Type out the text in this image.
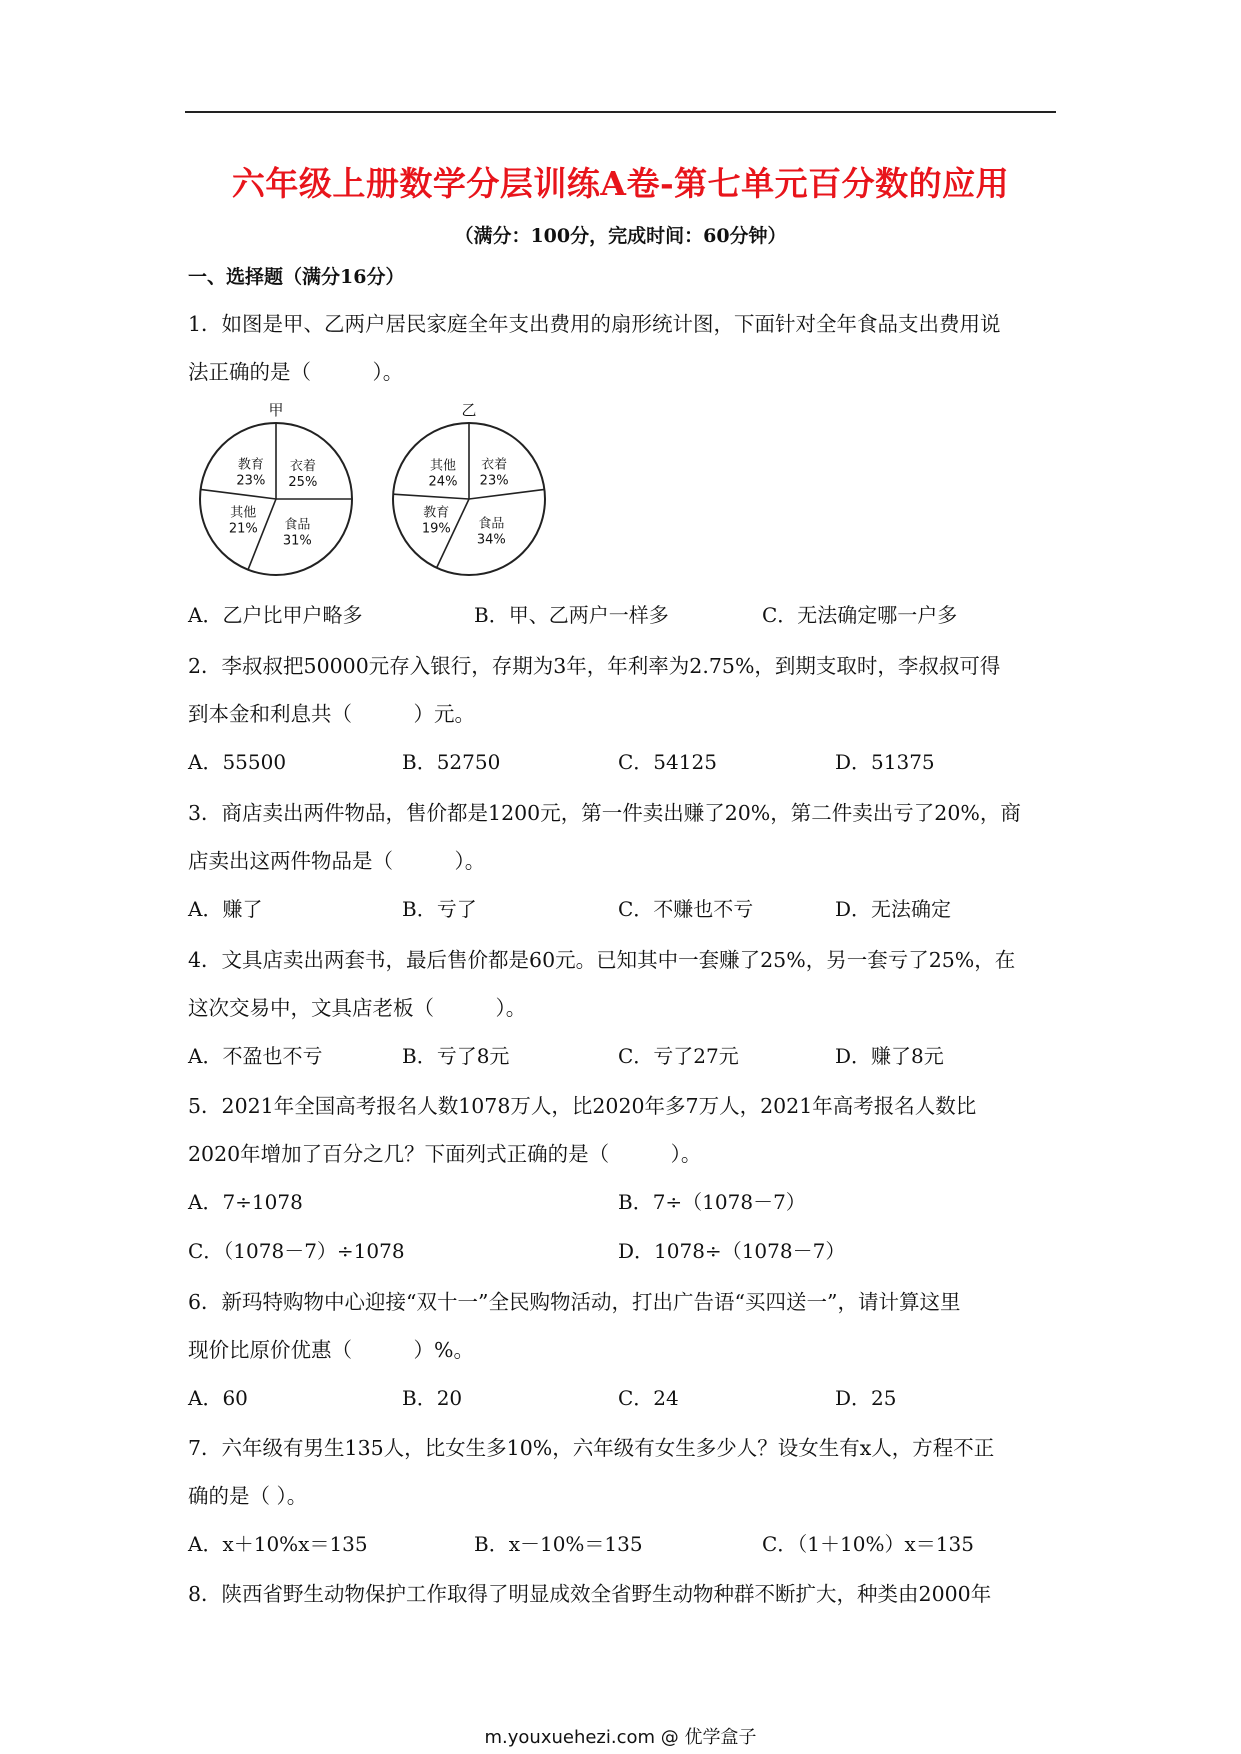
六年级上册数学分层训练A卷-第七单元百分数的应用
（满分：100分，完成时间：60分钟）
一、选择题（满分16分）
1．如图是甲、乙两户居民家庭全年支出费用的扇形统计图，下面针对全年食品支出费用说
法正确的是（　　　）。
甲
衣着
25%
食品
31%
其他
21%
教育
23%
乙
衣着
23%
食品
34%
教育
19%
其他
24%
A．乙户比甲户略多	B．甲、乙两户一样多	C．无法确定哪一户多
2．李叔叔把50000元存入银行，存期为3年，年利率为2.75%，到期支取时，李叔叔可得
到本金和利息共（　　　）元。
A．55500	B．52750	C．54125	D．51375
3．商店卖出两件物品，售价都是1200元，第一件卖出赚了20%，第二件卖出亏了20%，商
店卖出这两件物品是（　　　）。
A．赚了	B．亏了	C．不赚也不亏	D．无法确定
4．文具店卖出两套书，最后售价都是60元。已知其中一套赚了25%，另一套亏了25%，在
这次交易中，文具店老板（　　　）。
A．不盈也不亏	B．亏了8元	C．亏了27元	D．赚了8元
5．2021年全国高考报名人数1078万人，比2020年多7万人，2021年高考报名人数比
2020年增加了百分之几？下面列式正确的是（　　　）。
A．7÷1078	B．7÷（1078－7）
C．（1078－7）÷1078	D．1078÷（1078－7）
6．新玛特购物中心迎接“双十一”全民购物活动，打出广告语“买四送一”，请计算这里
现价比原价优惠（　　　）%。
A．60	B．20	C．24	D．25
7．六年级有男生135人，比女生多10%，六年级有女生多少人？设女生有x人，方程不正
确的是（ ）。
A．x＋10%x＝135	B．x－10%＝135	C．（1＋10%）x＝135
8．陕西省野生动物保护工作取得了明显成效全省野生动物种群不断扩大，种类由2000年
m.youxuehezi.com @ 优学盒子
